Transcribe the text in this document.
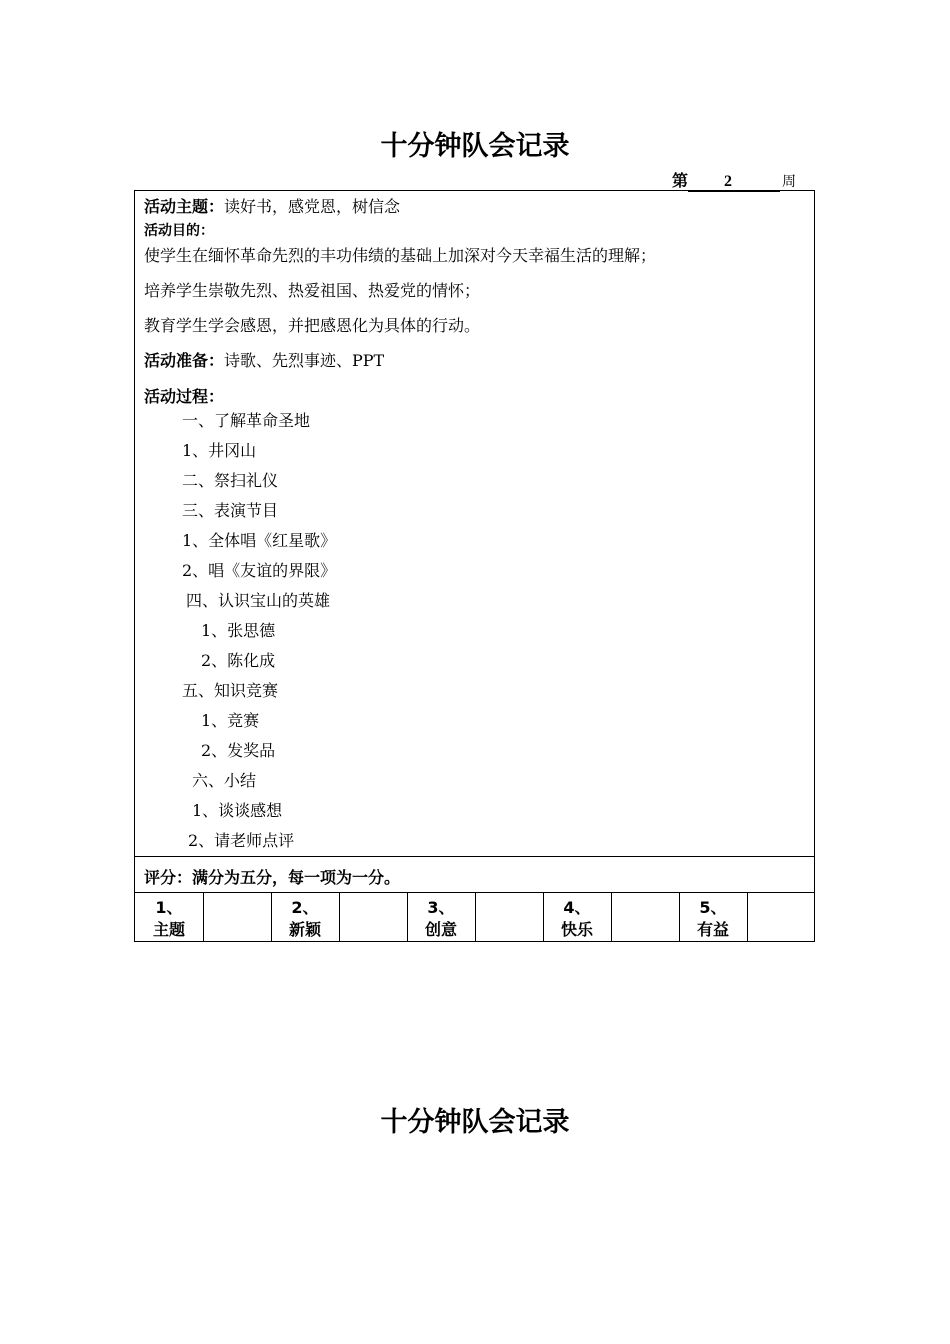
十分钟队会记录
第 2	周
活动主题：读好书，感党恩，树信念
活动目的：
使学生在缅怀革命先烈的丰功伟绩的基础上加深对今天幸福生活的理解；
培养学生崇敬先烈、热爱祖国、热爱党的情怀；
教育学生学会感恩，并把感恩化为具体的行动。
活动准备：诗歌、先烈事迹、PPT
活动过程：
一、了解革命圣地
1、井冈山
二、祭扫礼仪
三、表演节目
1、全体唱《红星歌》
2、唱《友谊的界限》
四、认识宝山的英雄
1、张思德
2、陈化成
五、知识竞赛
1、竞赛
2、发奖品
六、小结
1、谈谈感想
2、请老师点评
评分：满分为五分，每一项为一分。
1、
主题
2、
新颖
3、
创意
4、
快乐
5、
有益
十分钟队会记录
